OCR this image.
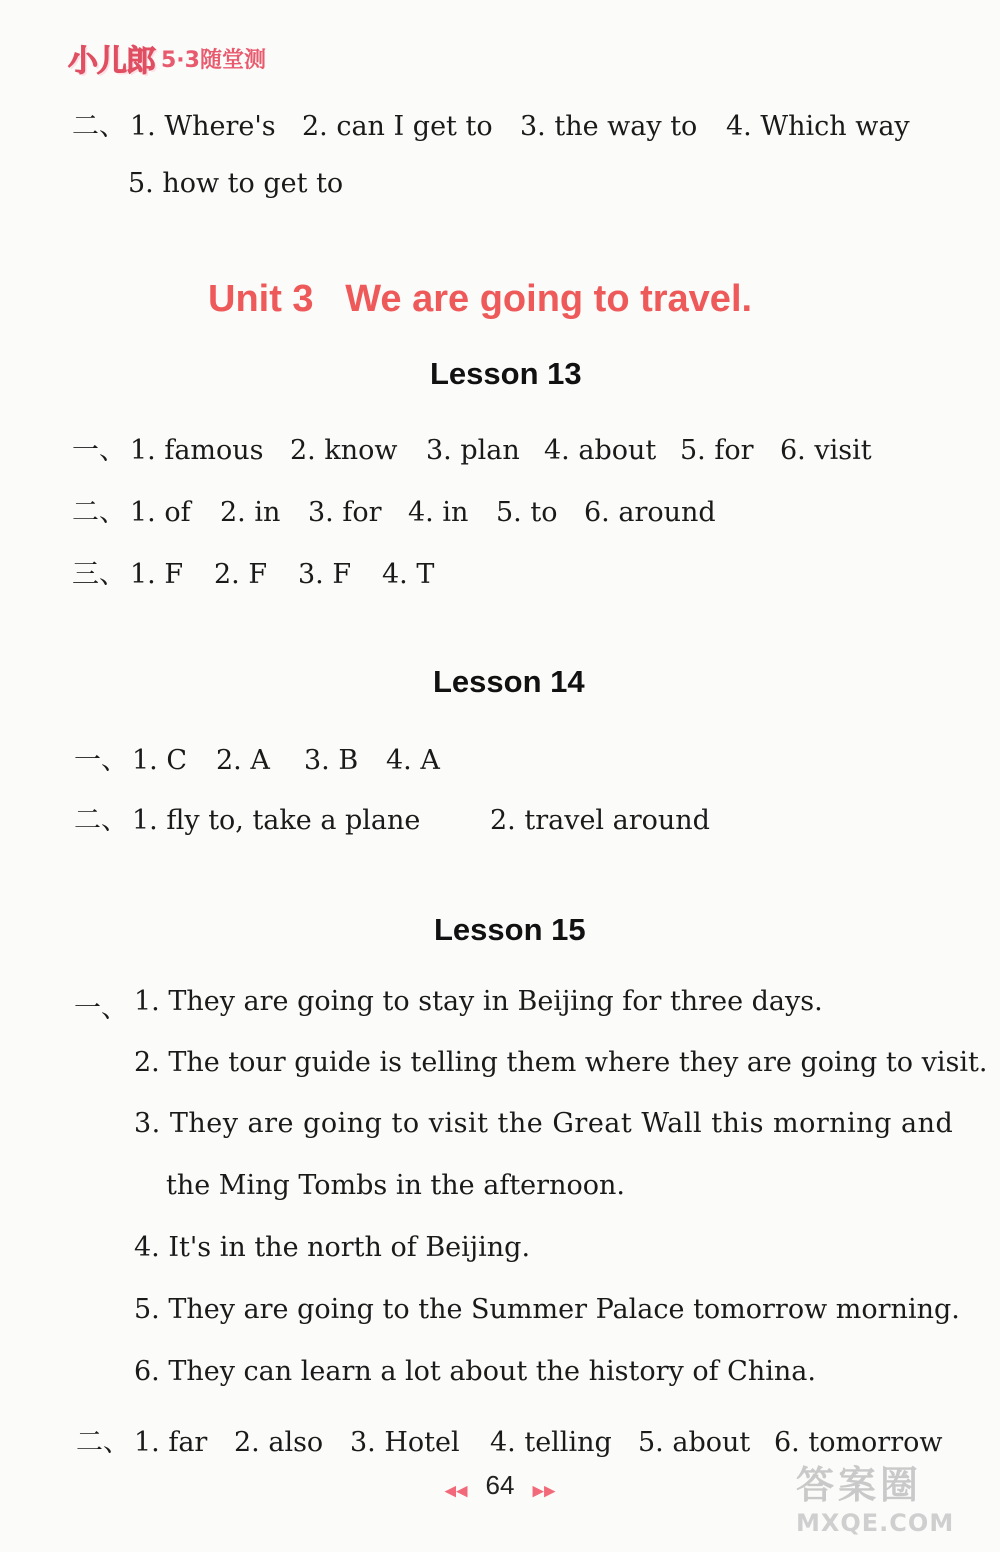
小儿郎 5·3随堂测
二、 1. Where's 2. can I get to	3. the way to	4. Which way
5. how to get to
Unit 3   We are going to travel.
Lesson 13
一、 1. famous 2. know	3. plan 4. about 5. for 6. visit
二、 1. of	2. in	3. for 4. in	5. to 6. around
三、 1. F	2. F	3. F	4. T
Lesson 14
一、 1. C	2. A	3. B	4. A
二、 1. fly to, take a plane	2. travel around
Lesson 15
一、 1. They are going to stay in Beijing for three days.
2. The tour guide is telling them where they are going to visit.
3. They are going to visit the Great Wall this morning and
the Ming Tombs in the afternoon.
4. It's in the north of Beijing.
5. They are going to the Summer Palace tomorrow morning.
6. They can learn a lot about the history of China.
二、 1. far 2. also 3. Hotel	4. telling 5. about 6. tomorrow
◀◀ 64 ▶▶	答案圈
MXQE.COM
